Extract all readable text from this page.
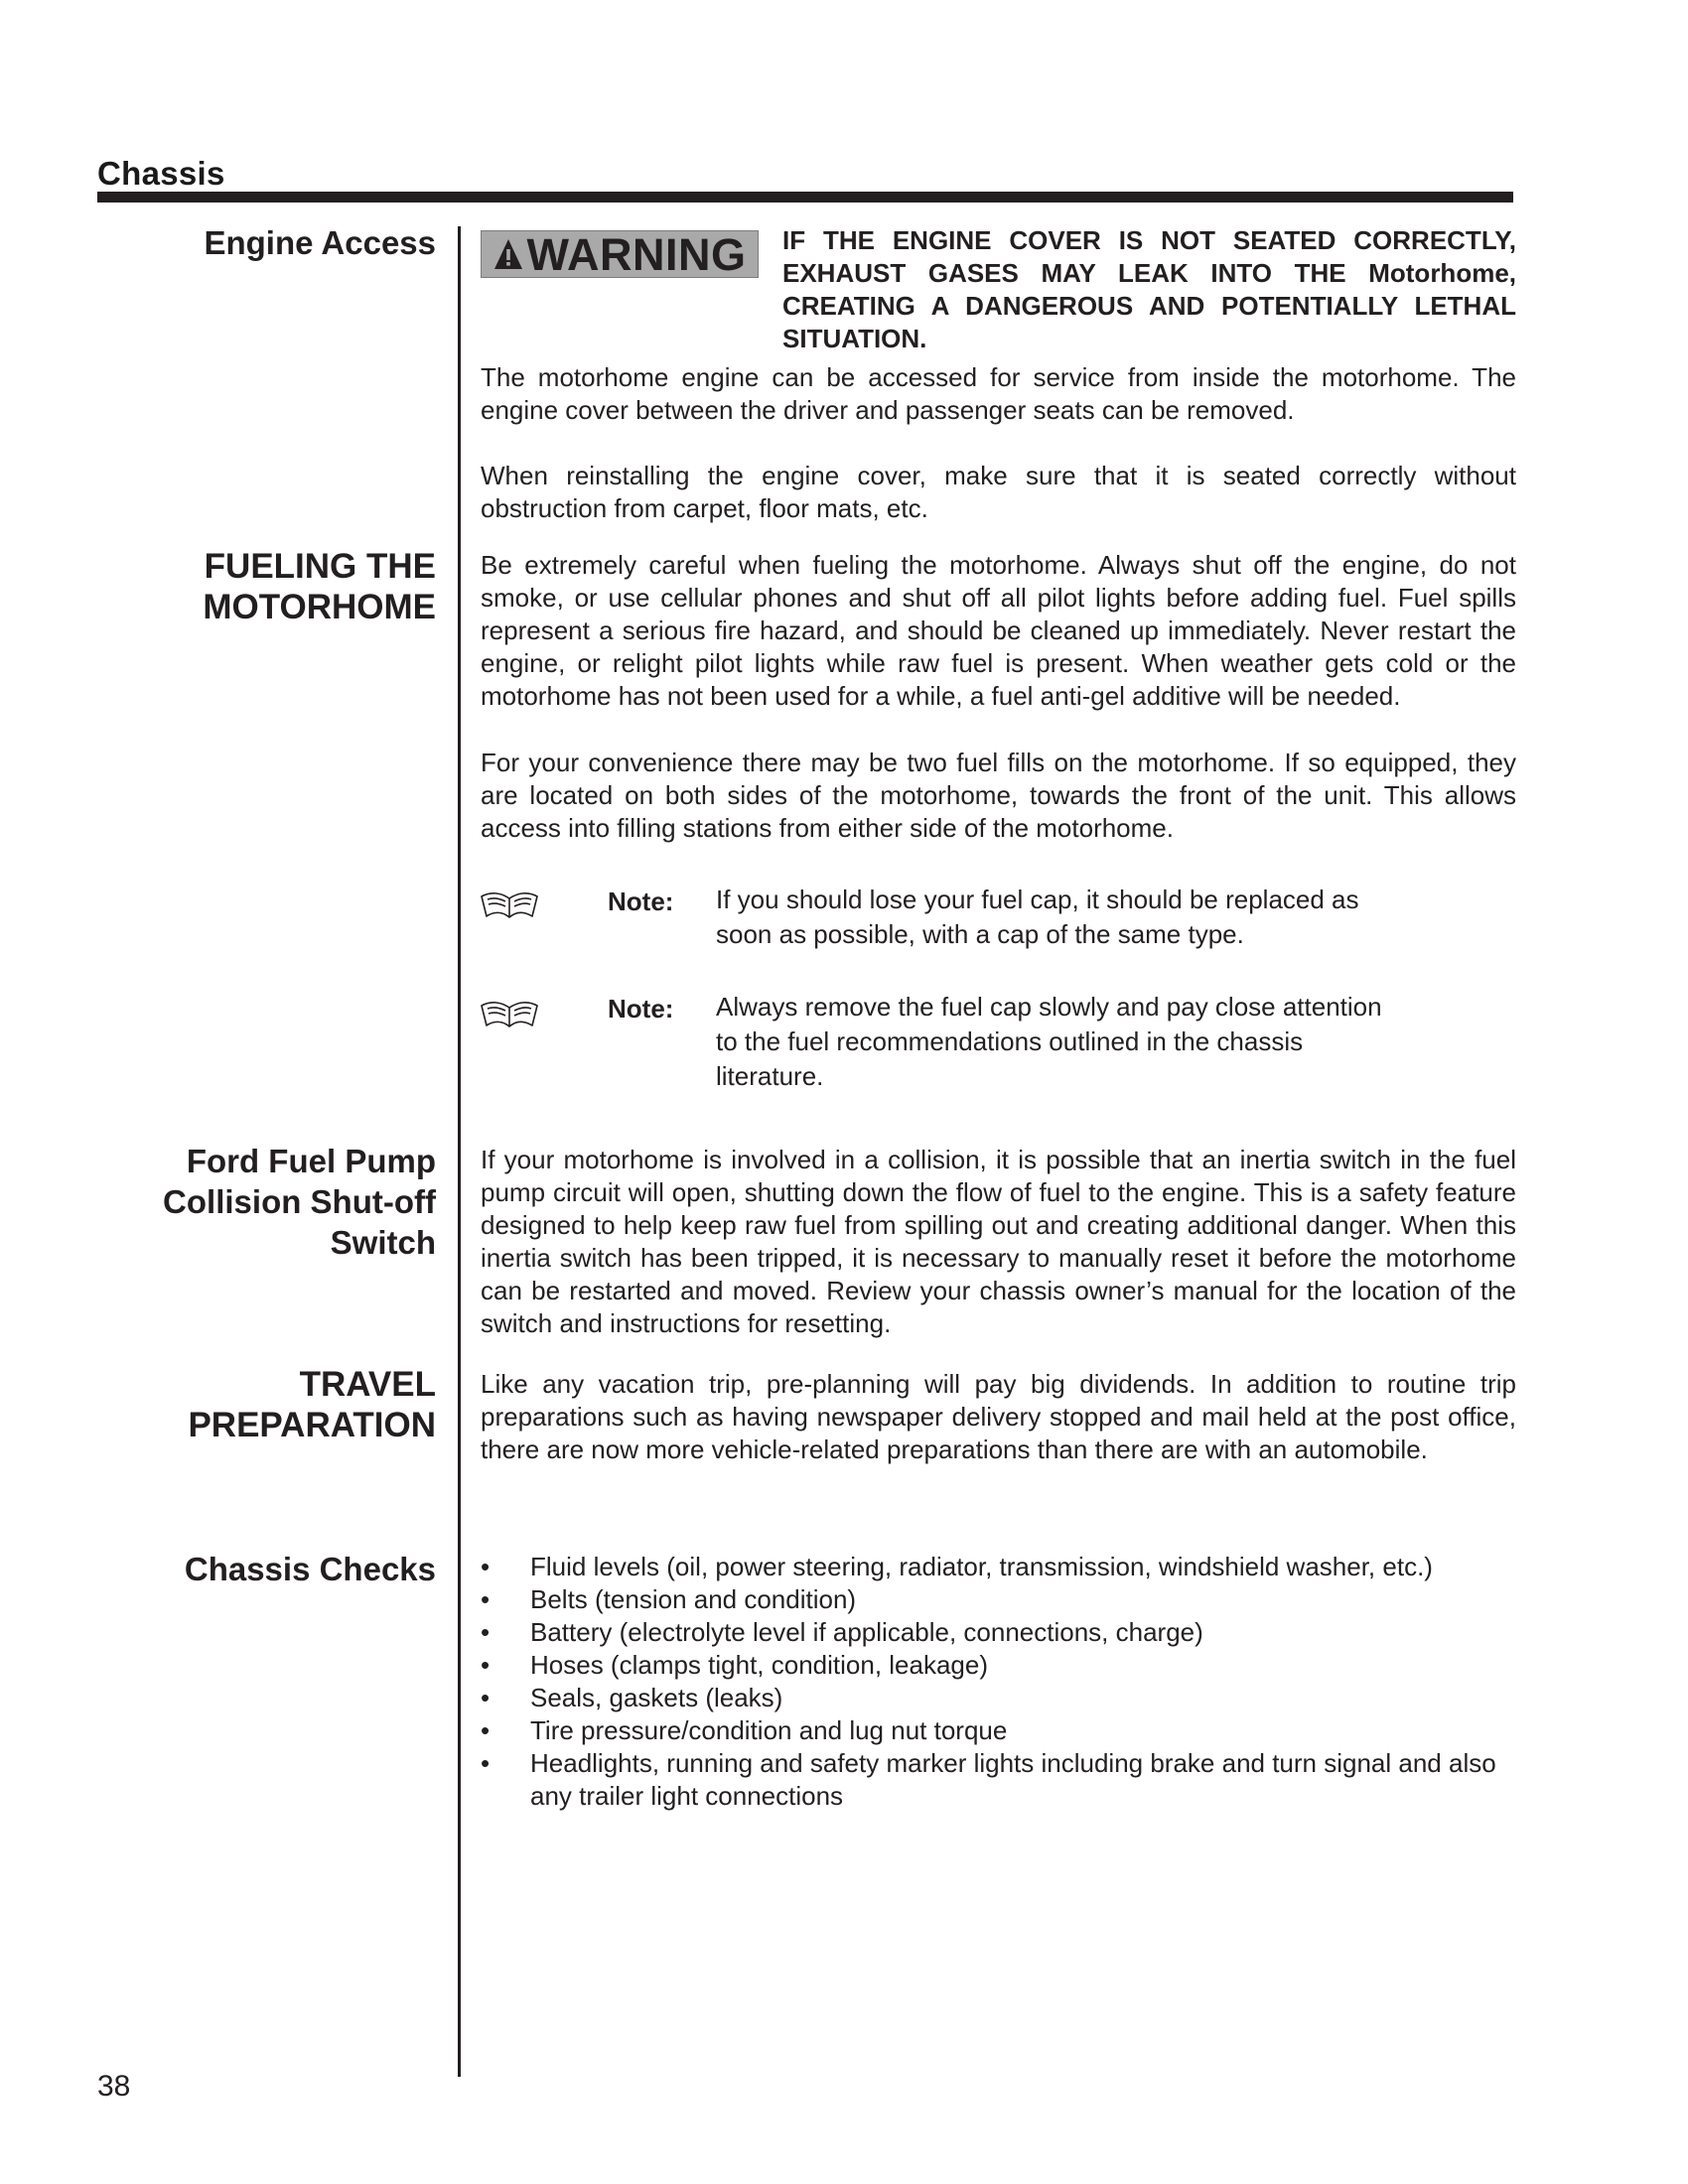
Chassis
Engine Access WARNING IF THE ENGINE COVER IS NOT SEATED CORRECTLY, EXHAUST GASES MAY LEAK INTO THE Motorhome, CREATING A DANGEROUS AND POTENTIALLY LETHAL SITUATION.
The motorhome engine can be accessed for service from inside the motorhome. The engine cover between the driver and passenger seats can be removed.
When reinstalling the engine cover, make sure that it is seated correctly without obstruction from carpet, floor mats, etc.
FUELING THE
MOTORHOME
Be extremely careful when fueling the motorhome. Always shut off the engine, do not smoke, or use cellular phones and shut off all pilot lights before adding fuel. Fuel spills represent a serious fire hazard, and should be cleaned up immediately. Never restart the engine, or relight pilot lights while raw fuel is present. When weather gets cold or the motorhome has not been used for a while, a fuel anti-gel additive will be needed.
For your convenience there may be two fuel fills on the motorhome. If so equipped, they are located on both sides of the motorhome, towards the front of the unit. This allows access into filling stations from either side of the motorhome.
Note: If you should lose your fuel cap, it should be replaced as
soon as possible, with a cap of the same type.
Note: Always remove the fuel cap slowly and pay close attention
to the fuel recommendations outlined in the chassis
literature.
Ford Fuel Pump
Collision Shut-off
Switch
If your motorhome is involved in a collision, it is possible that an inertia switch in the fuel pump circuit will open, shutting down the flow of fuel to the engine. This is a safety feature designed to help keep raw fuel from spilling out and creating additional danger. When this inertia switch has been tripped, it is necessary to manually reset it before the motorhome can be restarted and moved. Review your chassis owner’s manual for the location of the switch and instructions for resetting.
TRAVEL
PREPARATION
Like any vacation trip, pre-planning will pay big dividends. In addition to routine trip preparations such as having newspaper delivery stopped and mail held at the post office, there are now more vehicle-related preparations than there are with an automobile.
Chassis Checks • Fluid levels (oil, power steering, radiator, transmission, windshield washer, etc.)
• Belts (tension and condition)
• Battery (electrolyte level if applicable, connections, charge)
• Hoses (clamps tight, condition, leakage)
• Seals, gaskets (leaks)
• Tire pressure/condition and lug nut torque
• Headlights, running and safety marker lights including brake and turn signal and also any trailer light connections
38
